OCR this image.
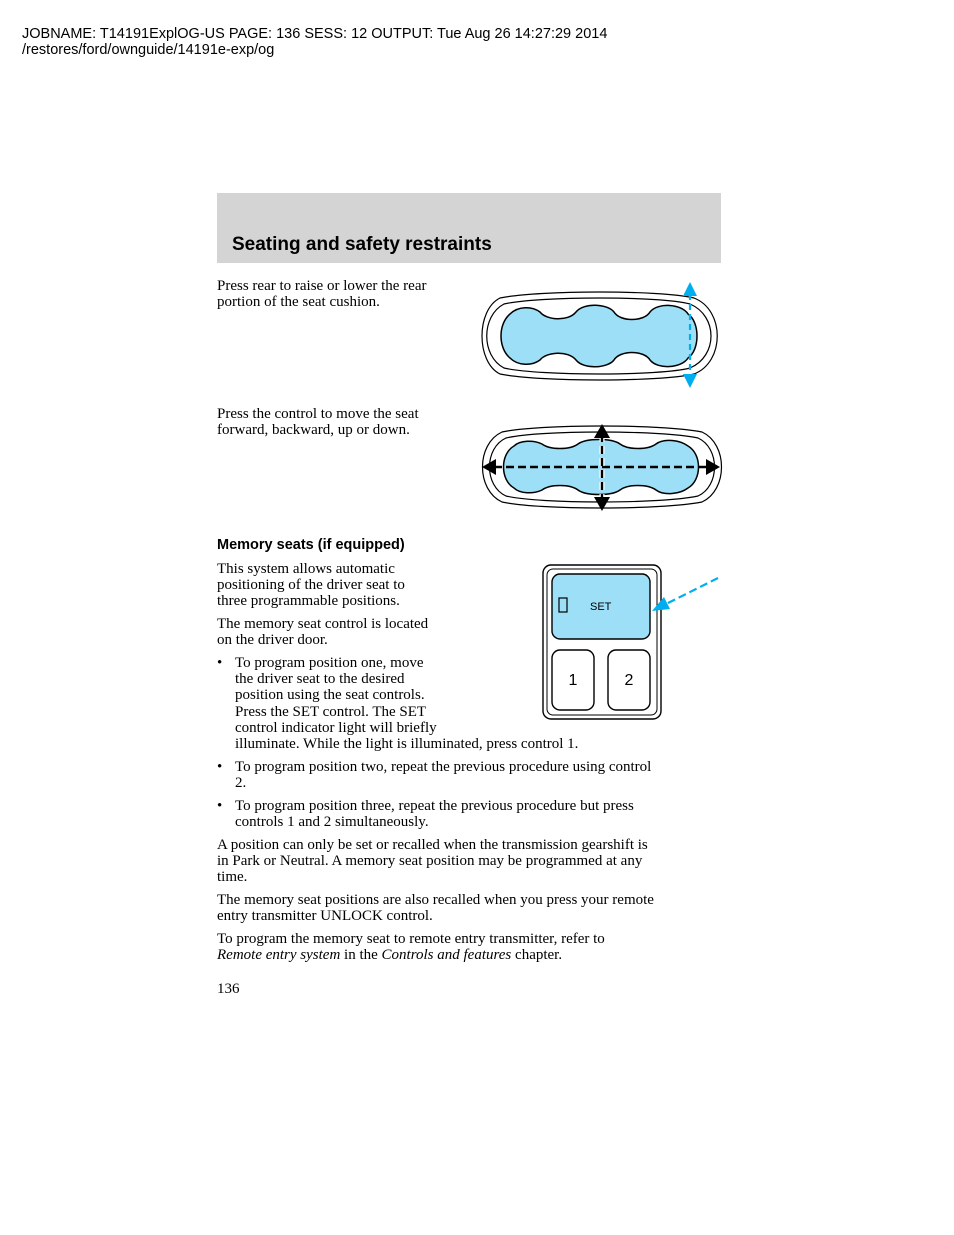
JOBNAME: T14191ExplOG-US PAGE: 136 SESS: 12 OUTPUT: Tue Aug 26 14:27:29 2014
/restores/ford/ownguide/14191e-exp/og
Seating and safety restraints
Press rear to raise or lower the rear
portion of the seat cushion.
Press the control to move the seat
forward, backward, up or down.
Memory seats (if equipped)
This system allows automatic
positioning of the driver seat to
three programmable positions.
The memory seat control is located
on the driver door.
• To program position one, move
the driver seat to the desired
position using the seat controls.
Press the SET control. The SET
control indicator light will briefly
illuminate. While the light is illuminated, press control 1.
SET
1	2
• To program position two, repeat the previous procedure using control
2.
• To program position three, repeat the previous procedure but press
controls 1 and 2 simultaneously.
A position can only be set or recalled when the transmission gearshift is
in Park or Neutral. A memory seat position may be programmed at any
time.
The memory seat positions are also recalled when you press your remote
entry transmitter UNLOCK control.
To program the memory seat to remote entry transmitter, refer to
Remote entry system in the Controls and features chapter.
136
